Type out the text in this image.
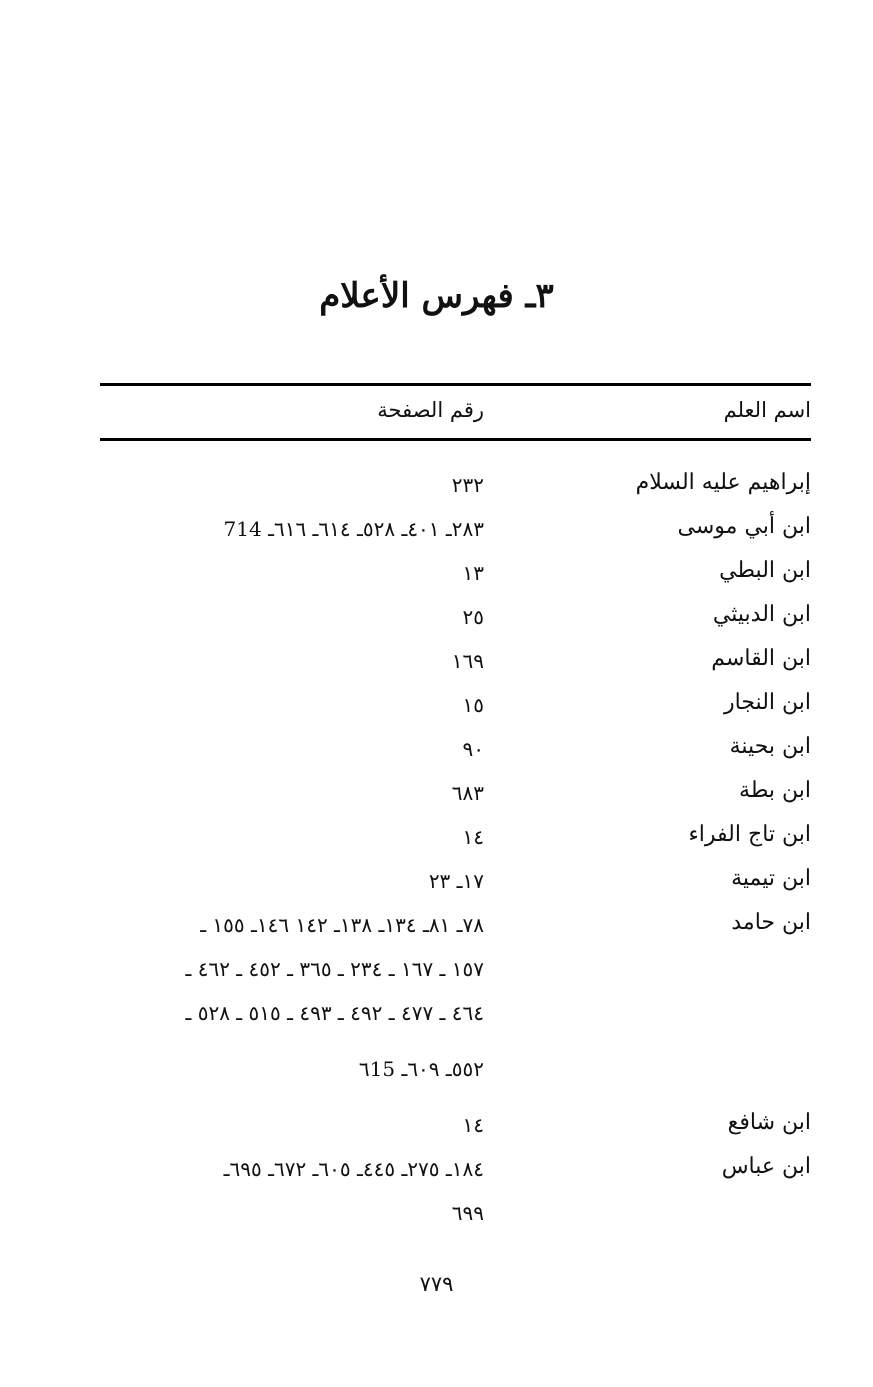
٣ـ فهرس الأعلام
اسم العلم
رقم الصفحة
إبراهيم عليه السلام
٢٣٢
ابن أبي موسى
٢٨٣ـ ٤٠١ـ ٥٢٨ـ ٦١٤ـ ٦١٦ـ 714
ابن البطي
١٣
ابن الدبيثي
٢٥
ابن القاسم
١٦٩
ابن النجار
١٥
ابن بحينة
٩٠
ابن بطة
٦٨٣
ابن تاج الفراء
١٤
ابن تيمية
١٧ـ ٢٣
ابن حامد
٧٨ـ ٨١ـ ١٣٤ـ ١٣٨ـ ١٤٢ ١٤٦ـ ١٥٥ ـ
١٥٧ ـ ١٦٧ ـ ٢٣٤ ـ ٣٦٥ ـ ٤٥٢ ـ ٤٦٢ ـ
٤٦٤ ـ ٤٧٧ ـ ٤٩٢ ـ ٤٩٣ ـ ٥١٥ ـ ٥٢٨ ـ
٥٥٢ـ ٦٠٩ـ ٦15
ابن شافع
١٤
ابن عباس
١٨٤ـ ٢٧٥ـ ٤٤٥ـ ٦٠٥ـ ٦٧٢ـ ٦٩٥ـ
٦٩٩
٧٧٩
